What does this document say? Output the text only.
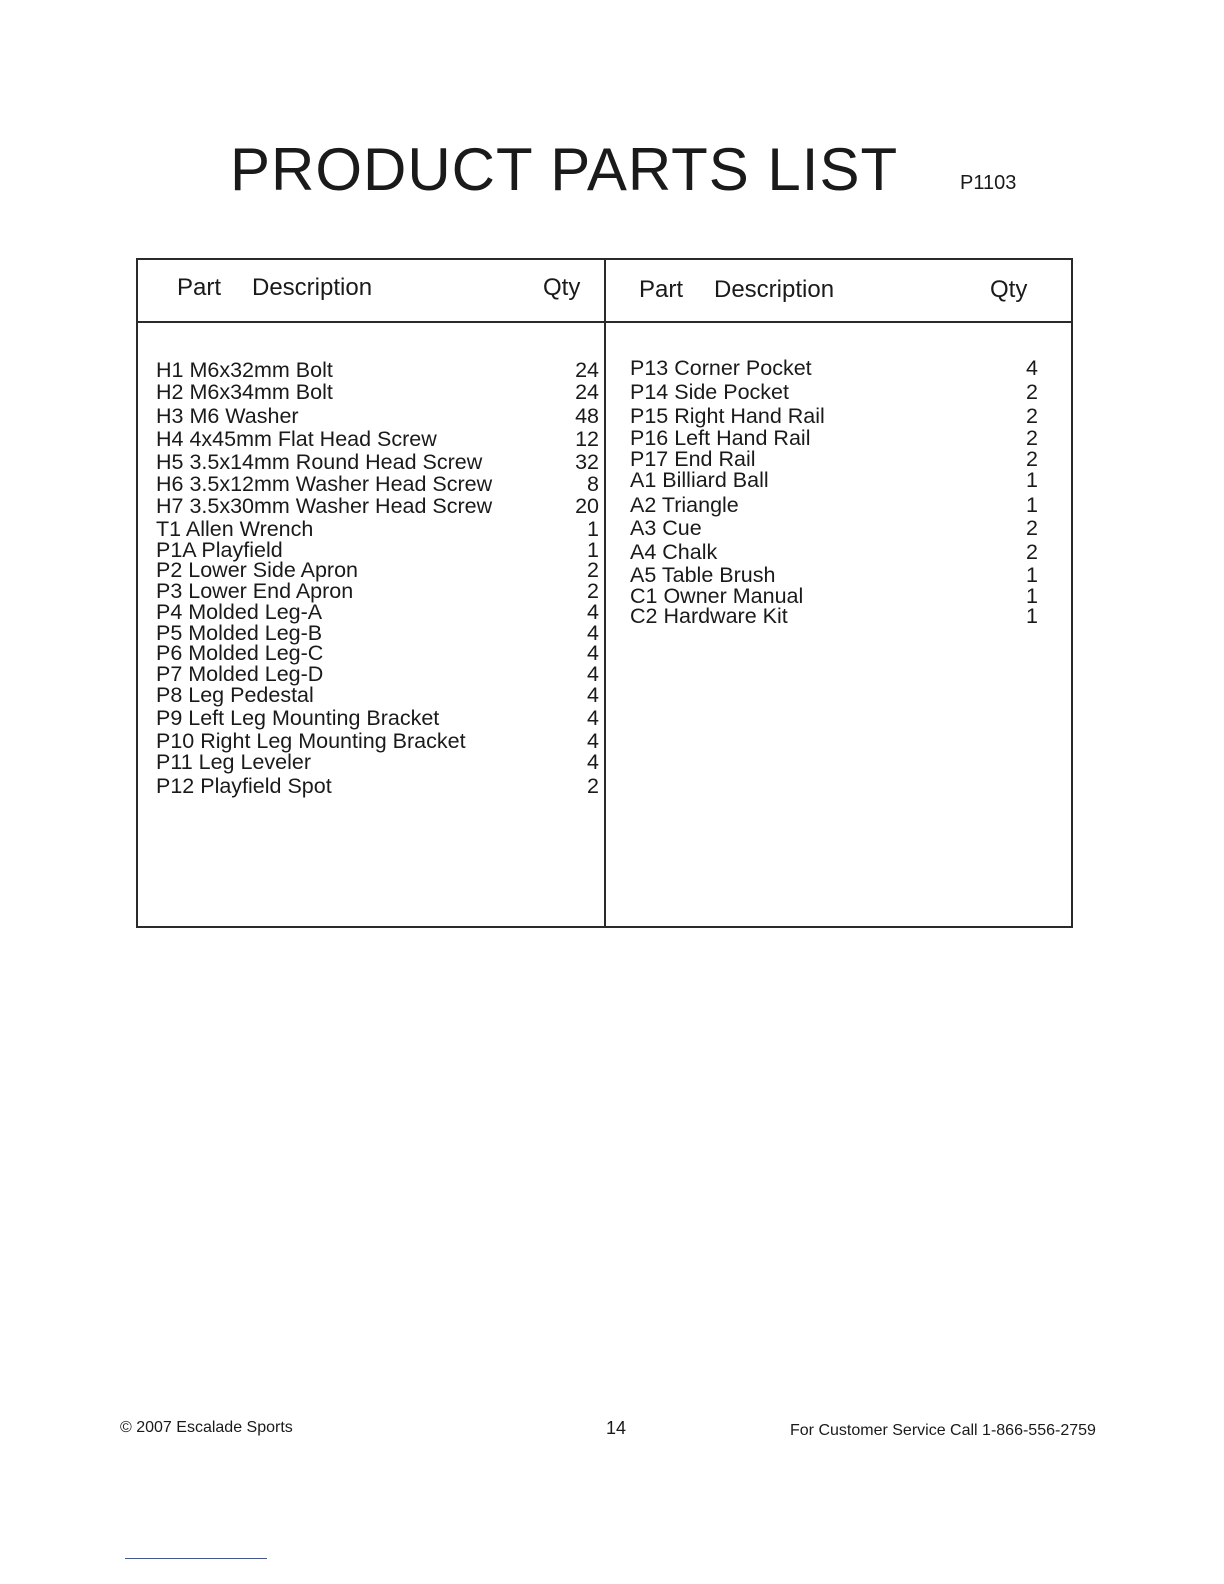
PRODUCT PARTS LIST	P1103
Part Description	Qty Part Description	Qty
H1 M6x32mm Bolt	24
H2 M6x34mm Bolt	24
H3 M6 Washer	48
H4 4x45mm Flat Head Screw	12
H5 3.5x14mm Round Head Screw	32
H6 3.5x12mm Washer Head Screw	8
H7 3.5x30mm Washer Head Screw	20
T1 Allen Wrench	1
P1A Playfield	1
P2 Lower Side Apron	2
P3 Lower End Apron	2
P4 Molded Leg-A	4
P5 Molded Leg-B	4
P6 Molded Leg-C	4
P7 Molded Leg-D	4
P8 Leg Pedestal	4
P9 Left Leg Mounting Bracket	4
P10 Right Leg Mounting Bracket	4
P11 Leg Leveler	4
P12 Playfield Spot	2
P13 Corner Pocket	4
P14 Side Pocket	2
P15 Right Hand Rail	2
P16 Left Hand Rail	2
P17 End Rail	2
A1 Billiard Ball	1
A2 Triangle	1
A3 Cue	2
A4 Chalk	2
A5 Table Brush	1
C1 Owner Manual	1
C2 Hardware Kit	1
© 2007 Escalade Sports	14	For Customer Service Call 1-866-556-2759
